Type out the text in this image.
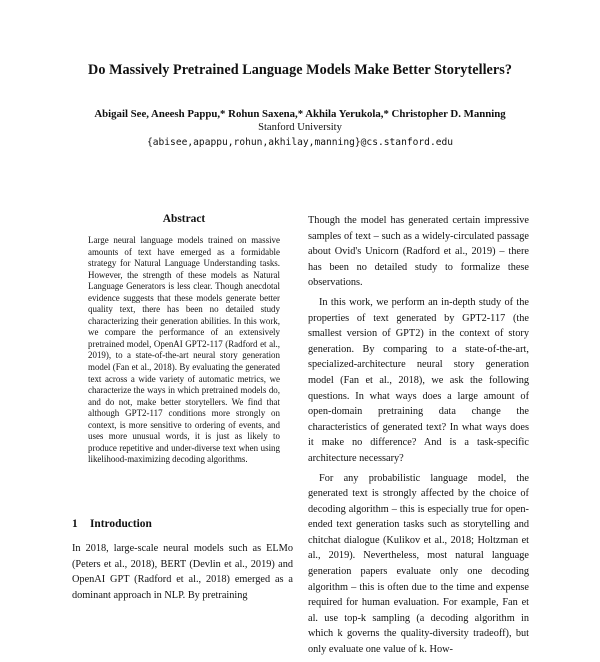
Do Massively Pretrained Language Models Make Better Storytellers?
Abigail See, Aneesh Pappu,* Rohun Saxena,* Akhila Yerukola,* Christopher D. Manning
Stanford University
{abisee,apappu,rohun,akhilay,manning}@cs.stanford.edu
Abstract

Large neural language models trained on massive amounts of text have emerged as a formidable strategy for Natural Language Understanding tasks. However, the strength of these models as Natural Language Generators is less clear. Though anecdotal evidence suggests that these models generate better quality text, there has been no detailed study characterizing their generation abilities. In this work, we compare the performance of an extensively pretrained model, OpenAI GPT2-117 (Radford et al., 2019), to a state-of-the-art neural story generation model (Fan et al., 2018). By evaluating the generated text across a wide variety of automatic metrics, we characterize the ways in which pretrained models do, and do not, make better storytellers. We find that although GPT2-117 conditions more strongly on context, is more sensitive to ordering of events, and uses more unusual words, it is just as likely to produce repetitive and under-diverse text when using likelihood-maximizing decoding algorithms.

1 Introduction

In 2018, large-scale neural models such as ELMo (Peters et al., 2018), BERT (Devlin et al., 2019) and OpenAI GPT (Radford et al., 2018) emerged as a dominant approach in NLP. By pretraining

Though the model has generated certain impressive samples of text – such as a widely-circulated passage about Ovid's Unicorn (Radford et al., 2019) – there has been no detailed study to formalize these observations.

In this work, we perform an in-depth study of the properties of text generated by GPT2-117 (the smallest version of GPT2) in the context of story generation. By comparing to a state-of-the-art, specialized-architecture neural story generation model (Fan et al., 2018), we ask the following questions. In what ways does a large amount of open-domain pretraining data change the characteristics of generated text? In what ways does it make no difference? And is a task-specific architecture necessary?

For any probabilistic language model, the generated text is strongly affected by the choice of decoding algorithm – this is especially true for open-ended text generation tasks such as storytelling and chitchat dialogue (Kulikov et al., 2018; Holtzman et al., 2019). Nevertheless, most natural language generation papers evaluate only one decoding algorithm – this is often due to the time and expense required for human evaluation. For example, Fan et al. use top-k sampling (a decoding algorithm in which k governs the quality-diversity tradeoff), but only evaluate one value of k. How-
